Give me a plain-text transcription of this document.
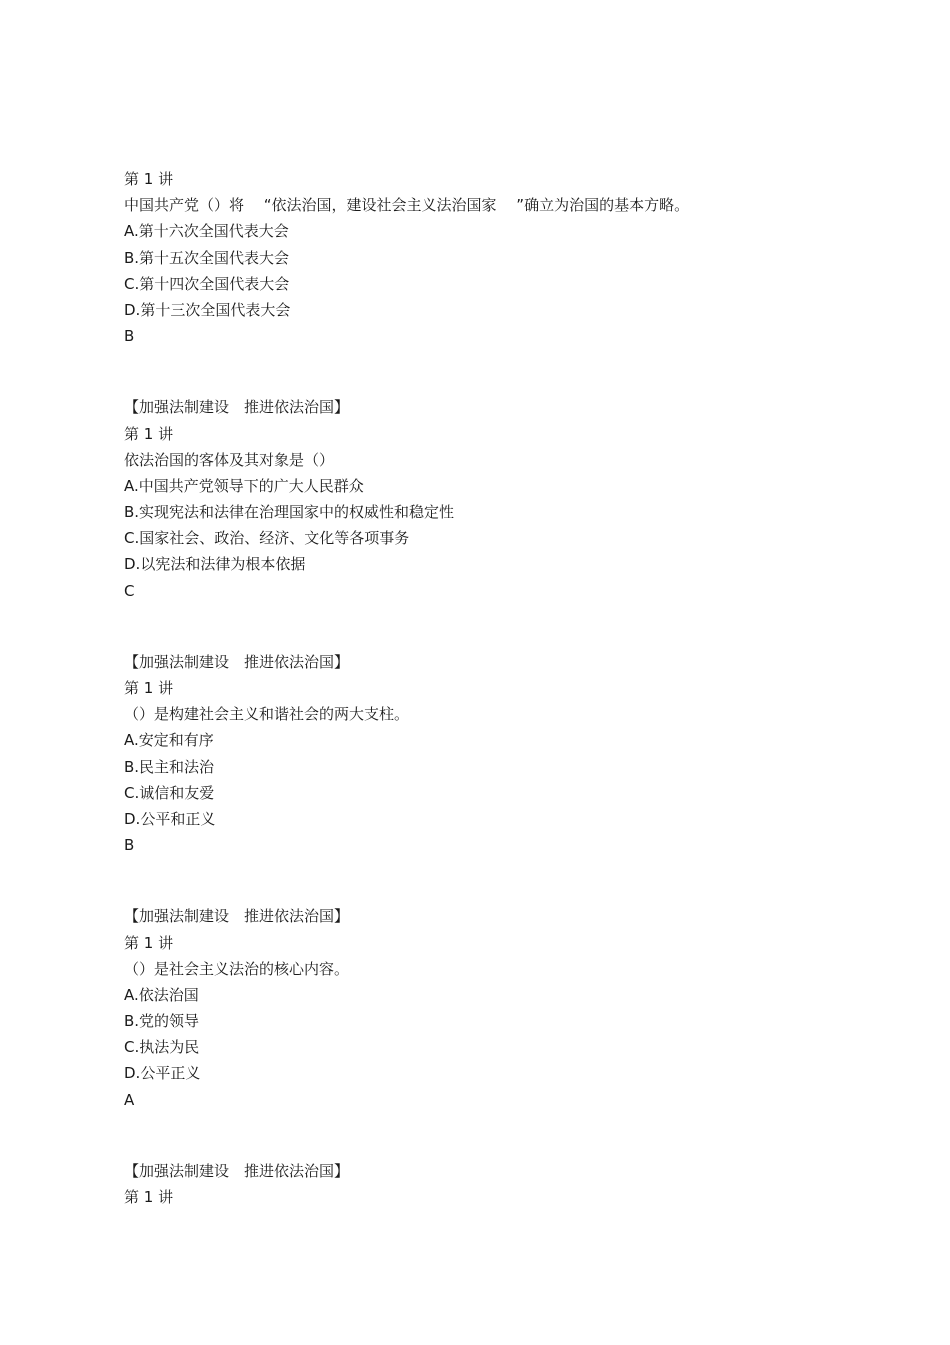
第 1 讲
中国共产党（）将　 “依法治国，建设社会主义法治国家　 ”确立为治国的基本方略。
A.第十六次全国代表大会
B.第十五次全国代表大会
C.第十四次全国代表大会
D.第十三次全国代表大会
B
【加强法制建设　推进依法治国】
第 1 讲
依法治国的客体及其对象是（）
A.中国共产党领导下的广大人民群众
B.实现宪法和法律在治理国家中的权威性和稳定性
C.国家社会、政治、经济、文化等各项事务
D.以宪法和法律为根本依据
C
【加强法制建设　推进依法治国】
第 1 讲
（）是构建社会主义和谐社会的两大支柱。
A.安定和有序
B.民主和法治
C.诚信和友爱
D.公平和正义
B
【加强法制建设　推进依法治国】
第 1 讲
（）是社会主义法治的核心内容。
A.依法治国
B.党的领导
C.执法为民
D.公平正义
A
【加强法制建设　推进依法治国】
第 1 讲
